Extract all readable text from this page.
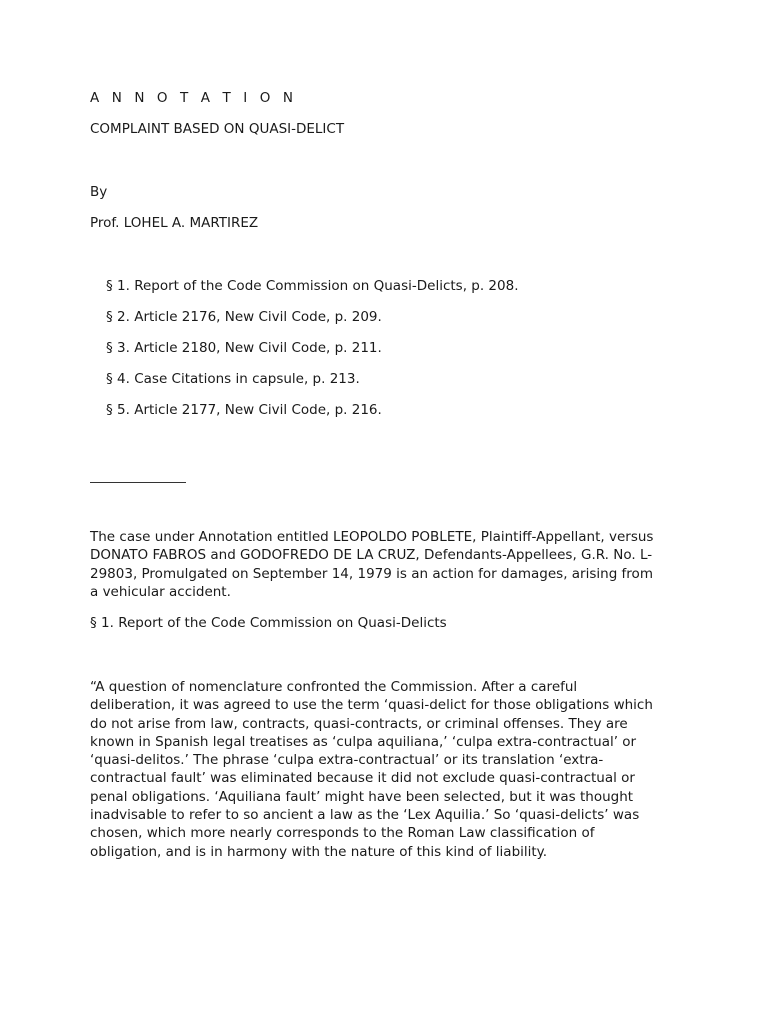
A N N O T A T I O N
COMPLAINT BASED ON QUASI-DELICT
By
Prof. LOHEL A. MARTIREZ
§ 1. Report of the Code Commission on Quasi-Delicts, p. 208.
§ 2. Article 2176, New Civil Code, p. 209.
§ 3. Article 2180, New Civil Code, p. 211.
§ 4. Case Citations in capsule, p. 213.
§ 5. Article 2177, New Civil Code, p. 216.
The case under Annotation entitled LEOPOLDO POBLETE, Plaintiff-Appellant, versus
DONATO FABROS and GODOFREDO DE LA CRUZ, Defendants-Appellees, G.R. No. L-
29803, Promulgated on September 14, 1979 is an action for damages, arising from
a vehicular accident.
§ 1. Report of the Code Commission on Quasi-Delicts
“A question of nomenclature confronted the Commission. After a careful
deliberation, it was agreed to use the term ‘quasi-delict for those obligations which
do not arise from law, contracts, quasi-contracts, or criminal offenses. They are
known in Spanish legal treatises as ‘culpa aquiliana,’ ‘culpa extra-contractual’ or
‘quasi-delitos.’ The phrase ‘culpa extra-contractual’ or its translation ‘extra-
contractual fault’ was eliminated because it did not exclude quasi-contractual or
penal obligations. ‘Aquiliana fault’ might have been selected, but it was thought
inadvisable to refer to so ancient a law as the ‘Lex Aquilia.’ So ‘quasi-delicts’ was
chosen, which more nearly corresponds to the Roman Law classification of
obligation, and is in harmony with the nature of this kind of liability.
